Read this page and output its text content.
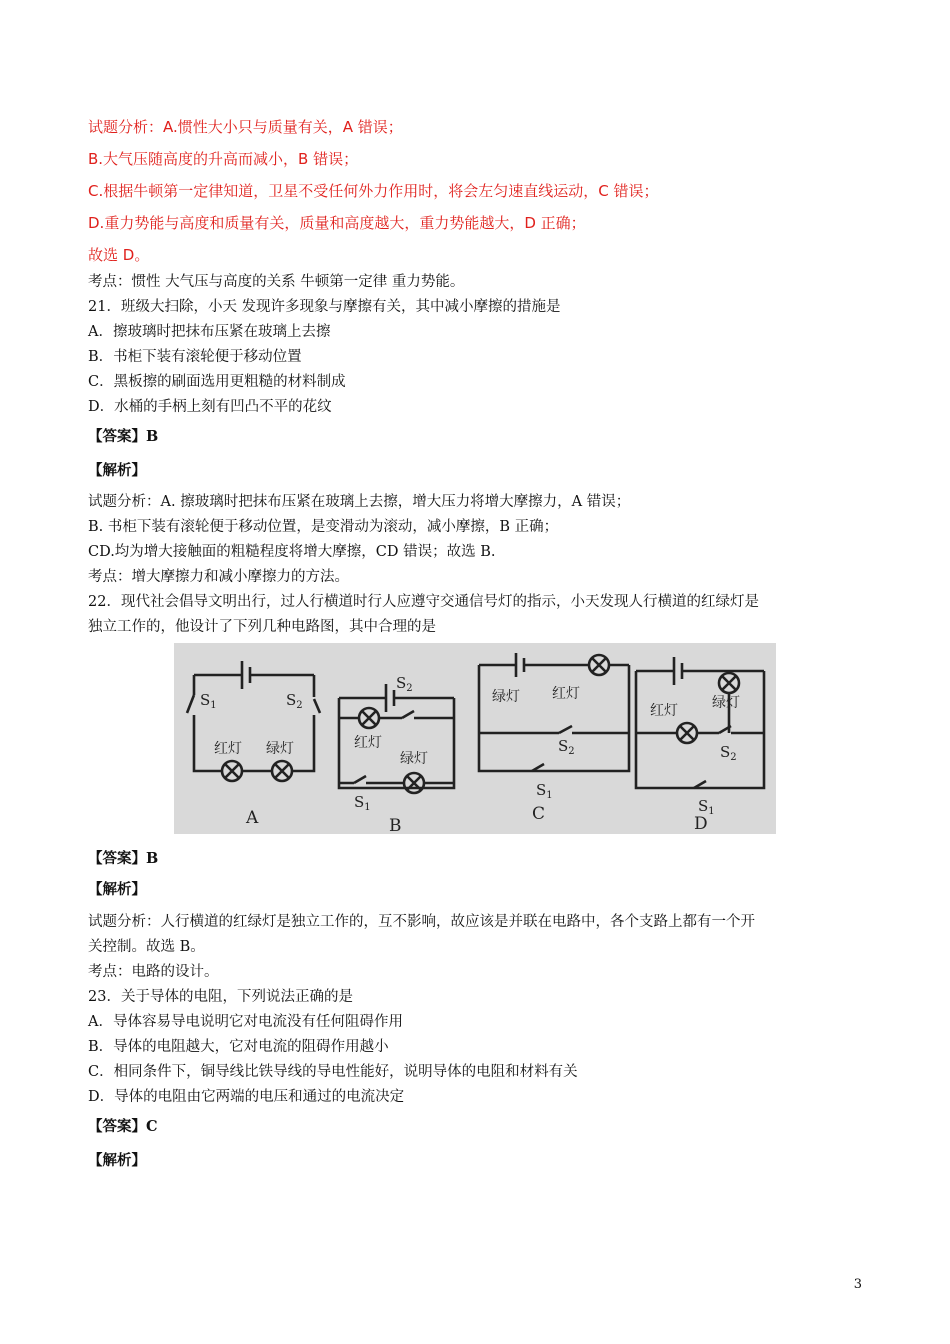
试题分析：A.惯性大小只与质量有关，A 错误；
B.大气压随高度的升高而减小，B 错误；
C.根据牛顿第一定律知道，卫星不受任何外力作用时，将会左匀速直线运动，C 错误；
D.重力势能与高度和质量有关，质量和高度越大，重力势能越大，D 正确；
故选 D。
考点：惯性 大气压与高度的关系 牛顿第一定律 重力势能。
21．班级大扫除，小天 发现许多现象与摩擦有关，其中减小摩擦的措施是
A．擦玻璃时把抹布压紧在玻璃上去擦
B．书柜下装有滚轮便于移动位置
C．黑板擦的刷面选用更粗糙的材料制成
D．水桶的手柄上刻有凹凸不平的花纹
【答案】B
【解析】
试题分析：A. 擦玻璃时把抹布压紧在玻璃上去擦，增大压力将增大摩擦力，A 错误；
B. 书柜下装有滚轮便于移动位置，是变滑动为滚动，减小摩擦，B 正确；
CD.均为增大接触面的粗糙程度将增大摩擦，CD 错误；故选 B.
考点：增大摩擦力和减小摩擦力的方法。
22．现代社会倡导文明出行，过人行横道时行人应遵守交通信号灯的指示，小天发现人行横道的红绿灯是
独立工作的，他设计了下列几种电路图，其中合理的是
$S_1$	$S_2$
红灯 绿灯
A
$S_2$
红灯
绿灯
$S_1$
B
绿灯 红灯
$S_2$
$S_1$
C
红灯 绿灯
$S_2$
$S_1$
D
【答案】B
【解析】
试题分析：人行横道的红绿灯是独立工作的，互不影响，故应该是并联在电路中，各个支路上都有一个开
关控制。故选 B。
考点：电路的设计。
23．关于导体的电阻，下列说法正确的是
A．导体容易导电说明它对电流没有任何阻碍作用
B．导体的电阻越大，它对电流的阻碍作用越小
C．相同条件下，铜导线比铁导线的导电性能好，说明导体的电阻和材料有关
D．导体的电阻由它两端的电压和通过的电流决定
【答案】C
【解析】
3
